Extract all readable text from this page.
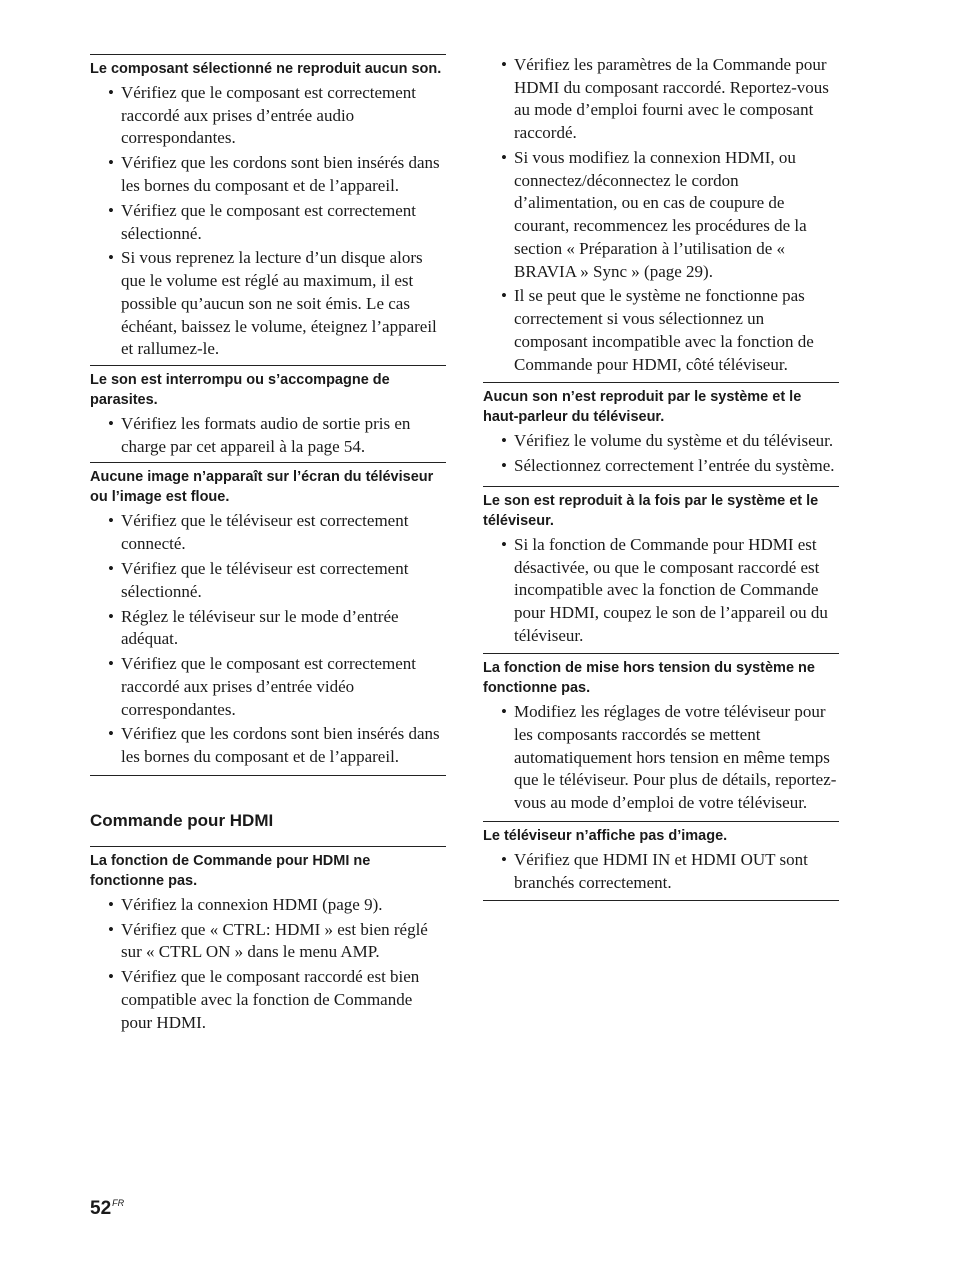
Le composant sélectionné ne reproduit aucun son.
• Vérifiez que le composant est correctement raccordé aux prises d’entrée audio correspondantes.
• Vérifiez que les cordons sont bien insérés dans les bornes du composant et de l’appareil.
• Vérifiez que le composant est correctement sélectionné.
• Si vous reprenez la lecture d’un disque alors que le volume est réglé au maximum, il est possible qu’aucun son ne soit émis. Le cas échéant, baissez le volume, éteignez l’appareil et rallumez-le.
Le son est interrompu ou s’accompagne de parasites.
• Vérifiez les formats audio de sortie pris en charge par cet appareil à la page 54.
Aucune image n’apparaît sur l’écran du téléviseur ou l’image est floue.
• Vérifiez que le téléviseur est correctement connecté.
• Vérifiez que le téléviseur est correctement sélectionné.
• Réglez le téléviseur sur le mode d’entrée adéquat.
• Vérifiez que le composant est correctement raccordé aux prises d’entrée vidéo correspondantes.
• Vérifiez que les cordons sont bien insérés dans les bornes du composant et de l’appareil.
Commande pour HDMI
La fonction de Commande pour HDMI ne fonctionne pas.
• Vérifiez la connexion HDMI (page 9).
• Vérifiez que « CTRL: HDMI » est bien réglé sur « CTRL ON » dans le menu AMP.
• Vérifiez que le composant raccordé est bien compatible avec la fonction de Commande pour HDMI.
• Vérifiez les paramètres de la Commande pour HDMI du composant raccordé. Reportez-vous au mode d’emploi fourni avec le composant raccordé.
• Si vous modifiez la connexion HDMI, ou connectez/déconnectez le cordon d’alimentation, ou en cas de coupure de courant, recommencez les procédures de la section « Préparation à l’utilisation de « BRAVIA » Sync » (page 29).
• Il se peut que le système ne fonctionne pas correctement si vous sélectionnez un composant incompatible avec la fonction de Commande pour HDMI, côté téléviseur.
Aucun son n’est reproduit par le système et le haut-parleur du téléviseur.
• Vérifiez le volume du système et du téléviseur.
• Sélectionnez correctement l’entrée du système.
Le son est reproduit à la fois par le système et le téléviseur.
• Si la fonction de Commande pour HDMI est désactivée, ou que le composant raccordé est incompatible avec la fonction de Commande pour HDMI, coupez le son de l’appareil ou du téléviseur.
La fonction de mise hors tension du système ne fonctionne pas.
• Modifiez les réglages de votre téléviseur pour les composants raccordés se mettent automatiquement hors tension en même temps que le téléviseur. Pour plus de détails, reportez-vous au mode d’emploi de votre téléviseur.
Le téléviseur n’affiche pas d’image.
• Vérifiez que HDMI IN et HDMI OUT sont branchés correctement.
$52^{FR}$
